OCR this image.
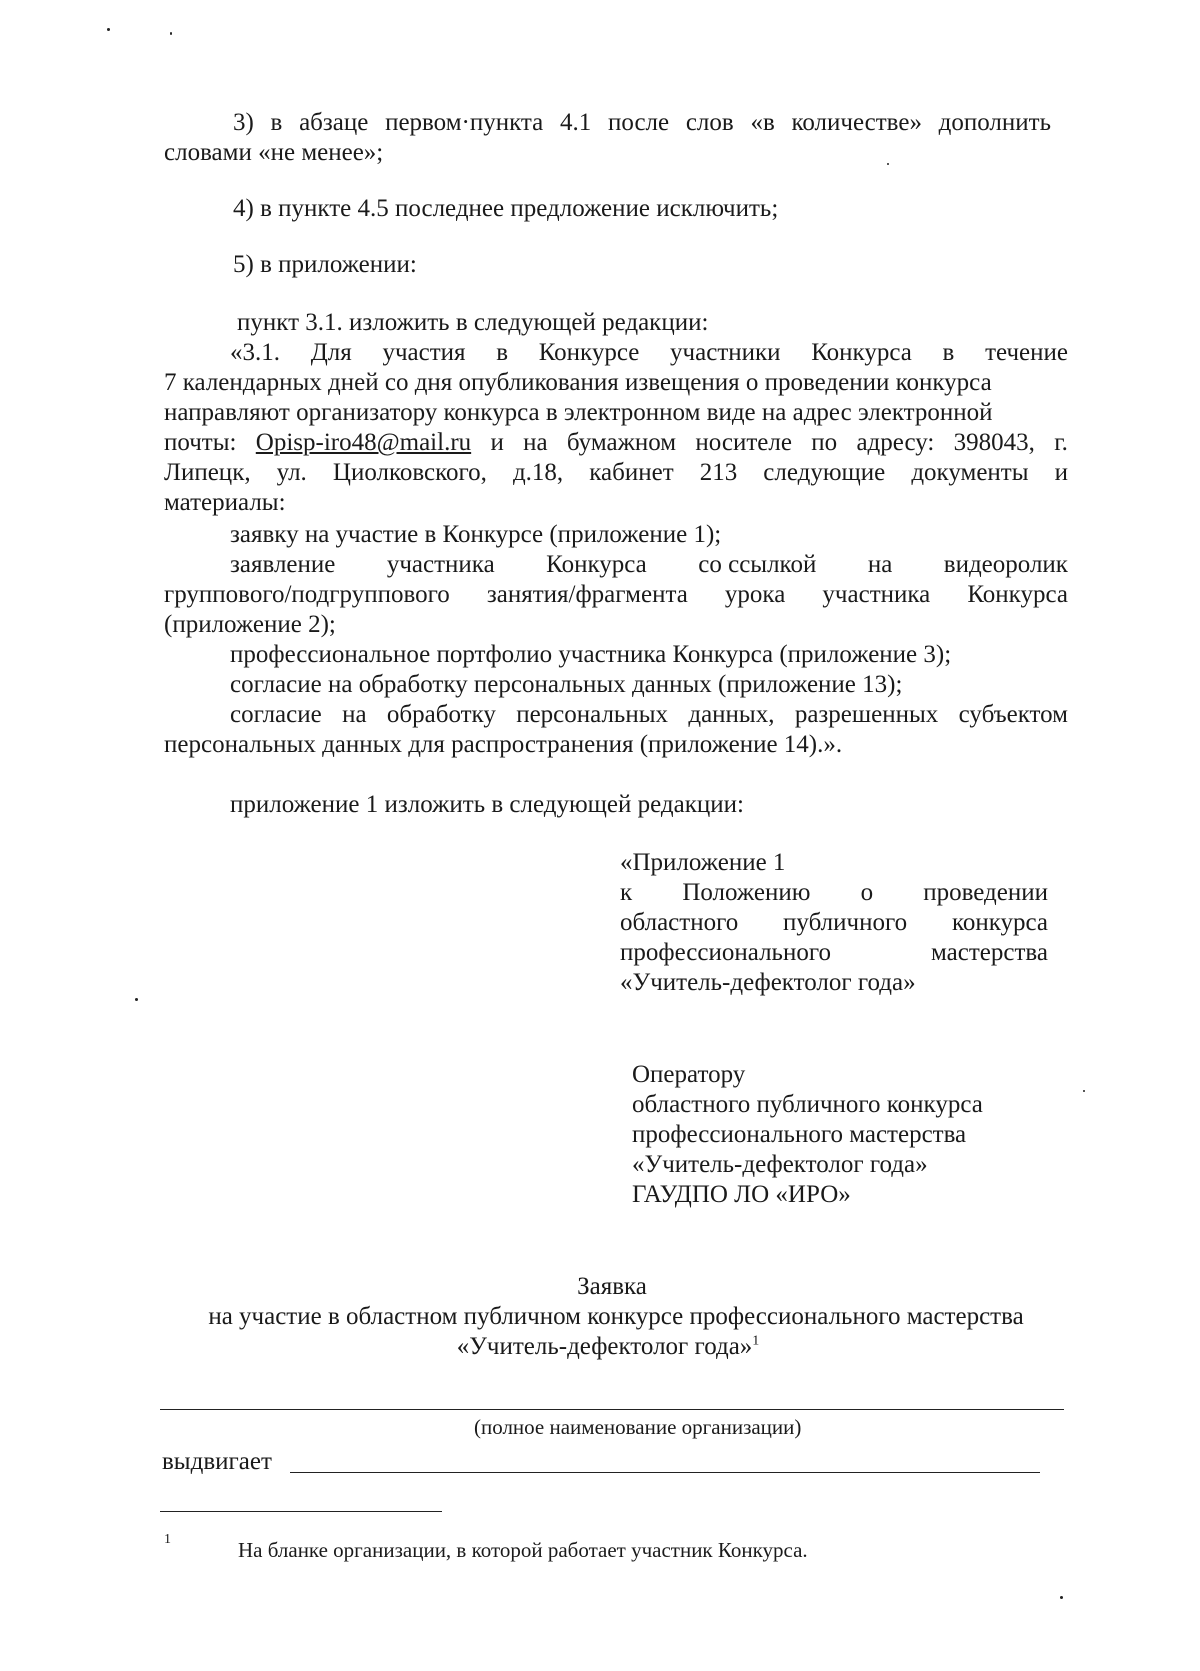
3) в абзаце первом·пункта 4.1 после слов «в количестве» дополнить
словами «не менее»;
4) в пункте 4.5 последнее предложение исключить;
5) в приложении:
пункт 3.1. изложить в следующей редакции:
«3.1. Для участия в Конкурсе участники Конкурса в течение
7 календарных дней со дня опубликования извещения о проведении конкурса
направляют организатору конкурса в электронном виде на адрес электронной
почты: Opisp-iro48@mail.ru и на бумажном носителе по адресу: 398043, г.
Липецк, ул. Циолковского, д.18, кабинет 213 следующие документы и
материалы:
заявку на участие в Конкурсе (приложение 1);
заявление участника Конкурса со ссылкой на видеоролик
группового/подгруппового занятия/фрагмента урока участника Конкурса
(приложение 2);
профессиональное портфолио участника Конкурса (приложение 3);
согласие на обработку персональных данных (приложение 13);
согласие на обработку персональных данных, разрешенных субъектом
персональных данных для распространения (приложение 14).».
приложение 1 изложить в следующей редакции:
«Приложение 1
к Положению о проведении
областного публичного конкурса
профессионального	мастерства
«Учитель-дефектолог года»
Оператору
областного публичного конкурса
профессионального мастерства
«Учитель-дефектолог года»
ГАУДПО ЛО «ИРО»
Заявка
на участие в областном публичном конкурсе профессионального мастерства
«Учитель-дефектолог года»$^1$
(полное наименование организации)
выдвигает
1	На бланке организации, в которой работает участник Конкурса.
